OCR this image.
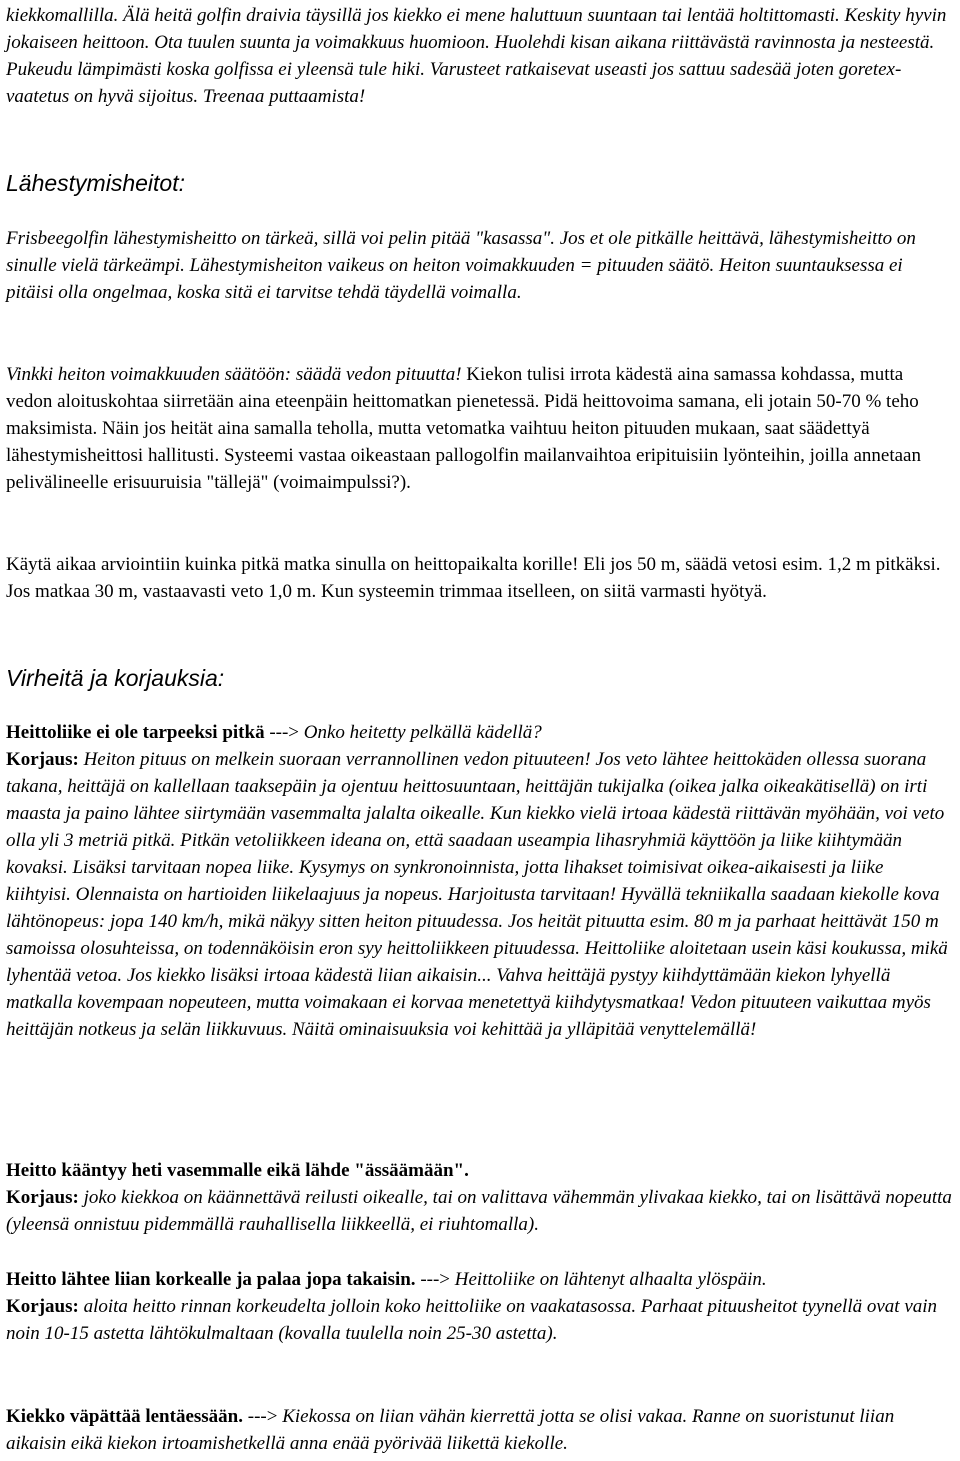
kiekkomallilla. Älä heitä golfin draivia täysillä jos kiekko ei mene haluttuun suuntaan tai lentää holtittomasti. Keskity hyvin jokaiseen heittoon. Ota tuulen suunta ja voimakkuus huomioon. Huolehdi kisan aikana riittävästä ravinnosta ja nesteestä. Pukeudu lämpimästi koska golfissa ei yleensä tule hiki. Varusteet ratkaisevat useasti jos sattuu sadesää joten goretex-vaatetus on hyvä sijoitus. Treenaa puttaamista!

Lähestymisheitot:

Frisbeegolfin lähestymisheitto on tärkeä, sillä voi pelin pitää "kasassa". Jos et ole pitkälle heittävä, lähestymisheitto on sinulle vielä tärkeämpi. Lähestymisheiton vaikeus on heiton voimakkuuden = pituuden säätö. Heiton suuntauksessa ei pitäisi olla ongelmaa, koska sitä ei tarvitse tehdä täydellä voimalla.

Vinkki heiton voimakkuuden säätöön: säädä vedon pituutta! Kiekon tulisi irrota kädestä aina samassa kohdassa, mutta vedon aloituskohtaa siirretään aina eteenpäin heittomatkan pienetessä. Pidä heittovoima samana, eli jotain 50-70 % teho maksimista. Näin jos heität aina samalla teholla, mutta vetomatka vaihtuu heiton pituuden mukaan, saat säädettyä lähestymisheittosi hallitusti. Systeemi vastaa oikeastaan pallogolfin mailanvaihtoa eripituisiin lyönteihin, joilla annetaan pelivälineelle erisuuruisia "tällejä" (voimaimpulssi?).

Käytä aikaa arviointiin kuinka pitkä matka sinulla on heittopaikalta korille! Eli jos 50 m, säädä vetosi esim. 1,2 m pitkäksi. Jos matkaa 30 m, vastaavasti veto 1,0 m. Kun systeemin trimmaa itselleen, on siitä varmasti hyötyä.

Virheitä ja korjauksia:

Heittoliike ei ole tarpeeksi pitkä ---> Onko heitetty pelkällä kädellä?
Korjaus: Heiton pituus on melkein suoraan verrannollinen vedon pituuteen! Jos veto lähtee heittokäden ollessa suorana takana, heittäjä on kallellaan taaksepäin ja ojentuu heittosuuntaan, heittäjän tukijalka (oikea jalka oikeakätisellä) on irti maasta ja paino lähtee siirtymään vasemmalta jalalta oikealle. Kun kiekko vielä irtoaa kädestä riittävän myöhään, voi veto olla yli 3 metriä pitkä. Pitkän vetoliikkeen ideana on, että saadaan useampia lihasryhmiä käyttöön ja liike kiihtymään kovaksi. Lisäksi tarvitaan nopea liike. Kysymys on synkronoinnista, jotta lihakset toimisivat oikea-aikaisesti ja liike kiihtyisi. Olennaista on hartioiden liikelaajuus ja nopeus. Harjoitusta tarvitaan! Hyvällä tekniikalla saadaan kiekolle kova lähtönopeus: jopa 140 km/h, mikä näkyy sitten heiton pituudessa. Jos heität pituutta esim. 80 m ja parhaat heittävät 150 m samoissa olosuhteissa, on todennäköisin eron syy heittoliikkeen pituudessa. Heittoliike aloitetaan usein käsi koukussa, mikä lyhentää vetoa. Jos kiekko lisäksi irtoaa kädestä liian aikaisin... Vahva heittäjä pystyy kiihdyttämään kiekon lyhyellä matkalla kovempaan nopeuteen, mutta voimakaan ei korvaa menetettyä kiihdytysmatkaa! Vedon pituuteen vaikuttaa myös heittäjän notkeus ja selän liikkuvuus. Näitä ominaisuuksia voi kehittää ja ylläpitää venyttelemällä!

Heitto kääntyy heti vasemmalle eikä lähde "ässäämään".
Korjaus: joko kiekkoa on käännettävä reilusti oikealle, tai on valittava vähemmän ylivakaa kiekko, tai on lisättävä nopeutta (yleensä onnistuu pidemmällä rauhallisella liikkeellä, ei riuhtomalla).

Heitto lähtee liian korkealle ja palaa jopa takaisin. ---> Heittoliike on lähtenyt alhaalta ylöspäin.
Korjaus: aloita heitto rinnan korkeudelta jolloin koko heittoliike on vaakatasossa. Parhaat pituusheitot tyynellä ovat vain noin 10-15 astetta lähtökulmaltaan (kovalla tuulella noin 25-30 astetta).

Kiekko väpättää lentäessään. ---> Kiekossa on liian vähän kierrettä jotta se olisi vakaa. Ranne on suoristunut liian aikaisin eikä kiekon irtoamishetkellä anna enää pyörivää liikettä kiekolle.
